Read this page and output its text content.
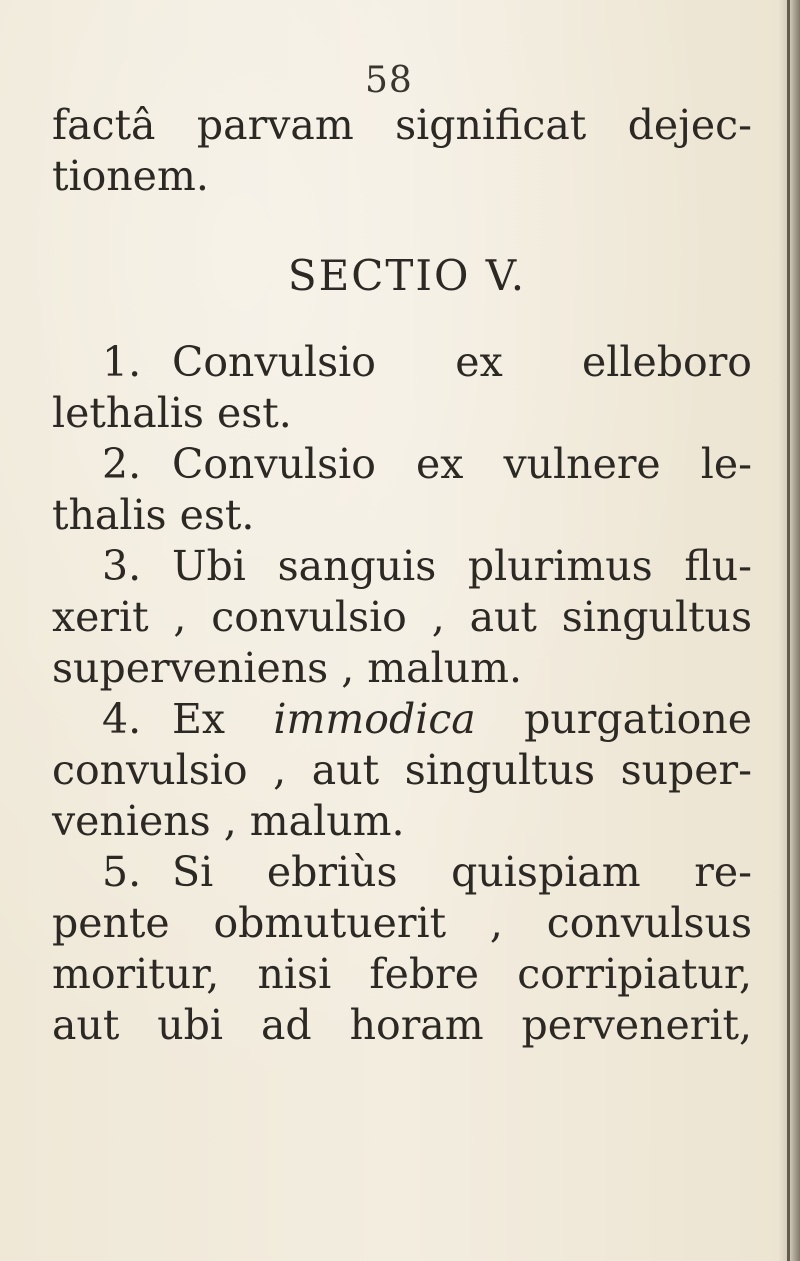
58
factâ parvam significat dejec-
tionem.
SECTIO V.
1. Convulsio ex elleboro
lethalis est.
2. Convulsio ex vulnere le-
thalis est.
3. Ubi sanguis plurimus flu-
xerit , convulsio , aut singultus
superveniens , malum.
4. Ex immodica purgatione
convulsio , aut singultus super-
veniens , malum.
5. Si ebriùs quispiam re-
pente obmutuerit , convulsus
moritur, nisi febre corripiatur,
aut ubi ad horam pervenerit,
